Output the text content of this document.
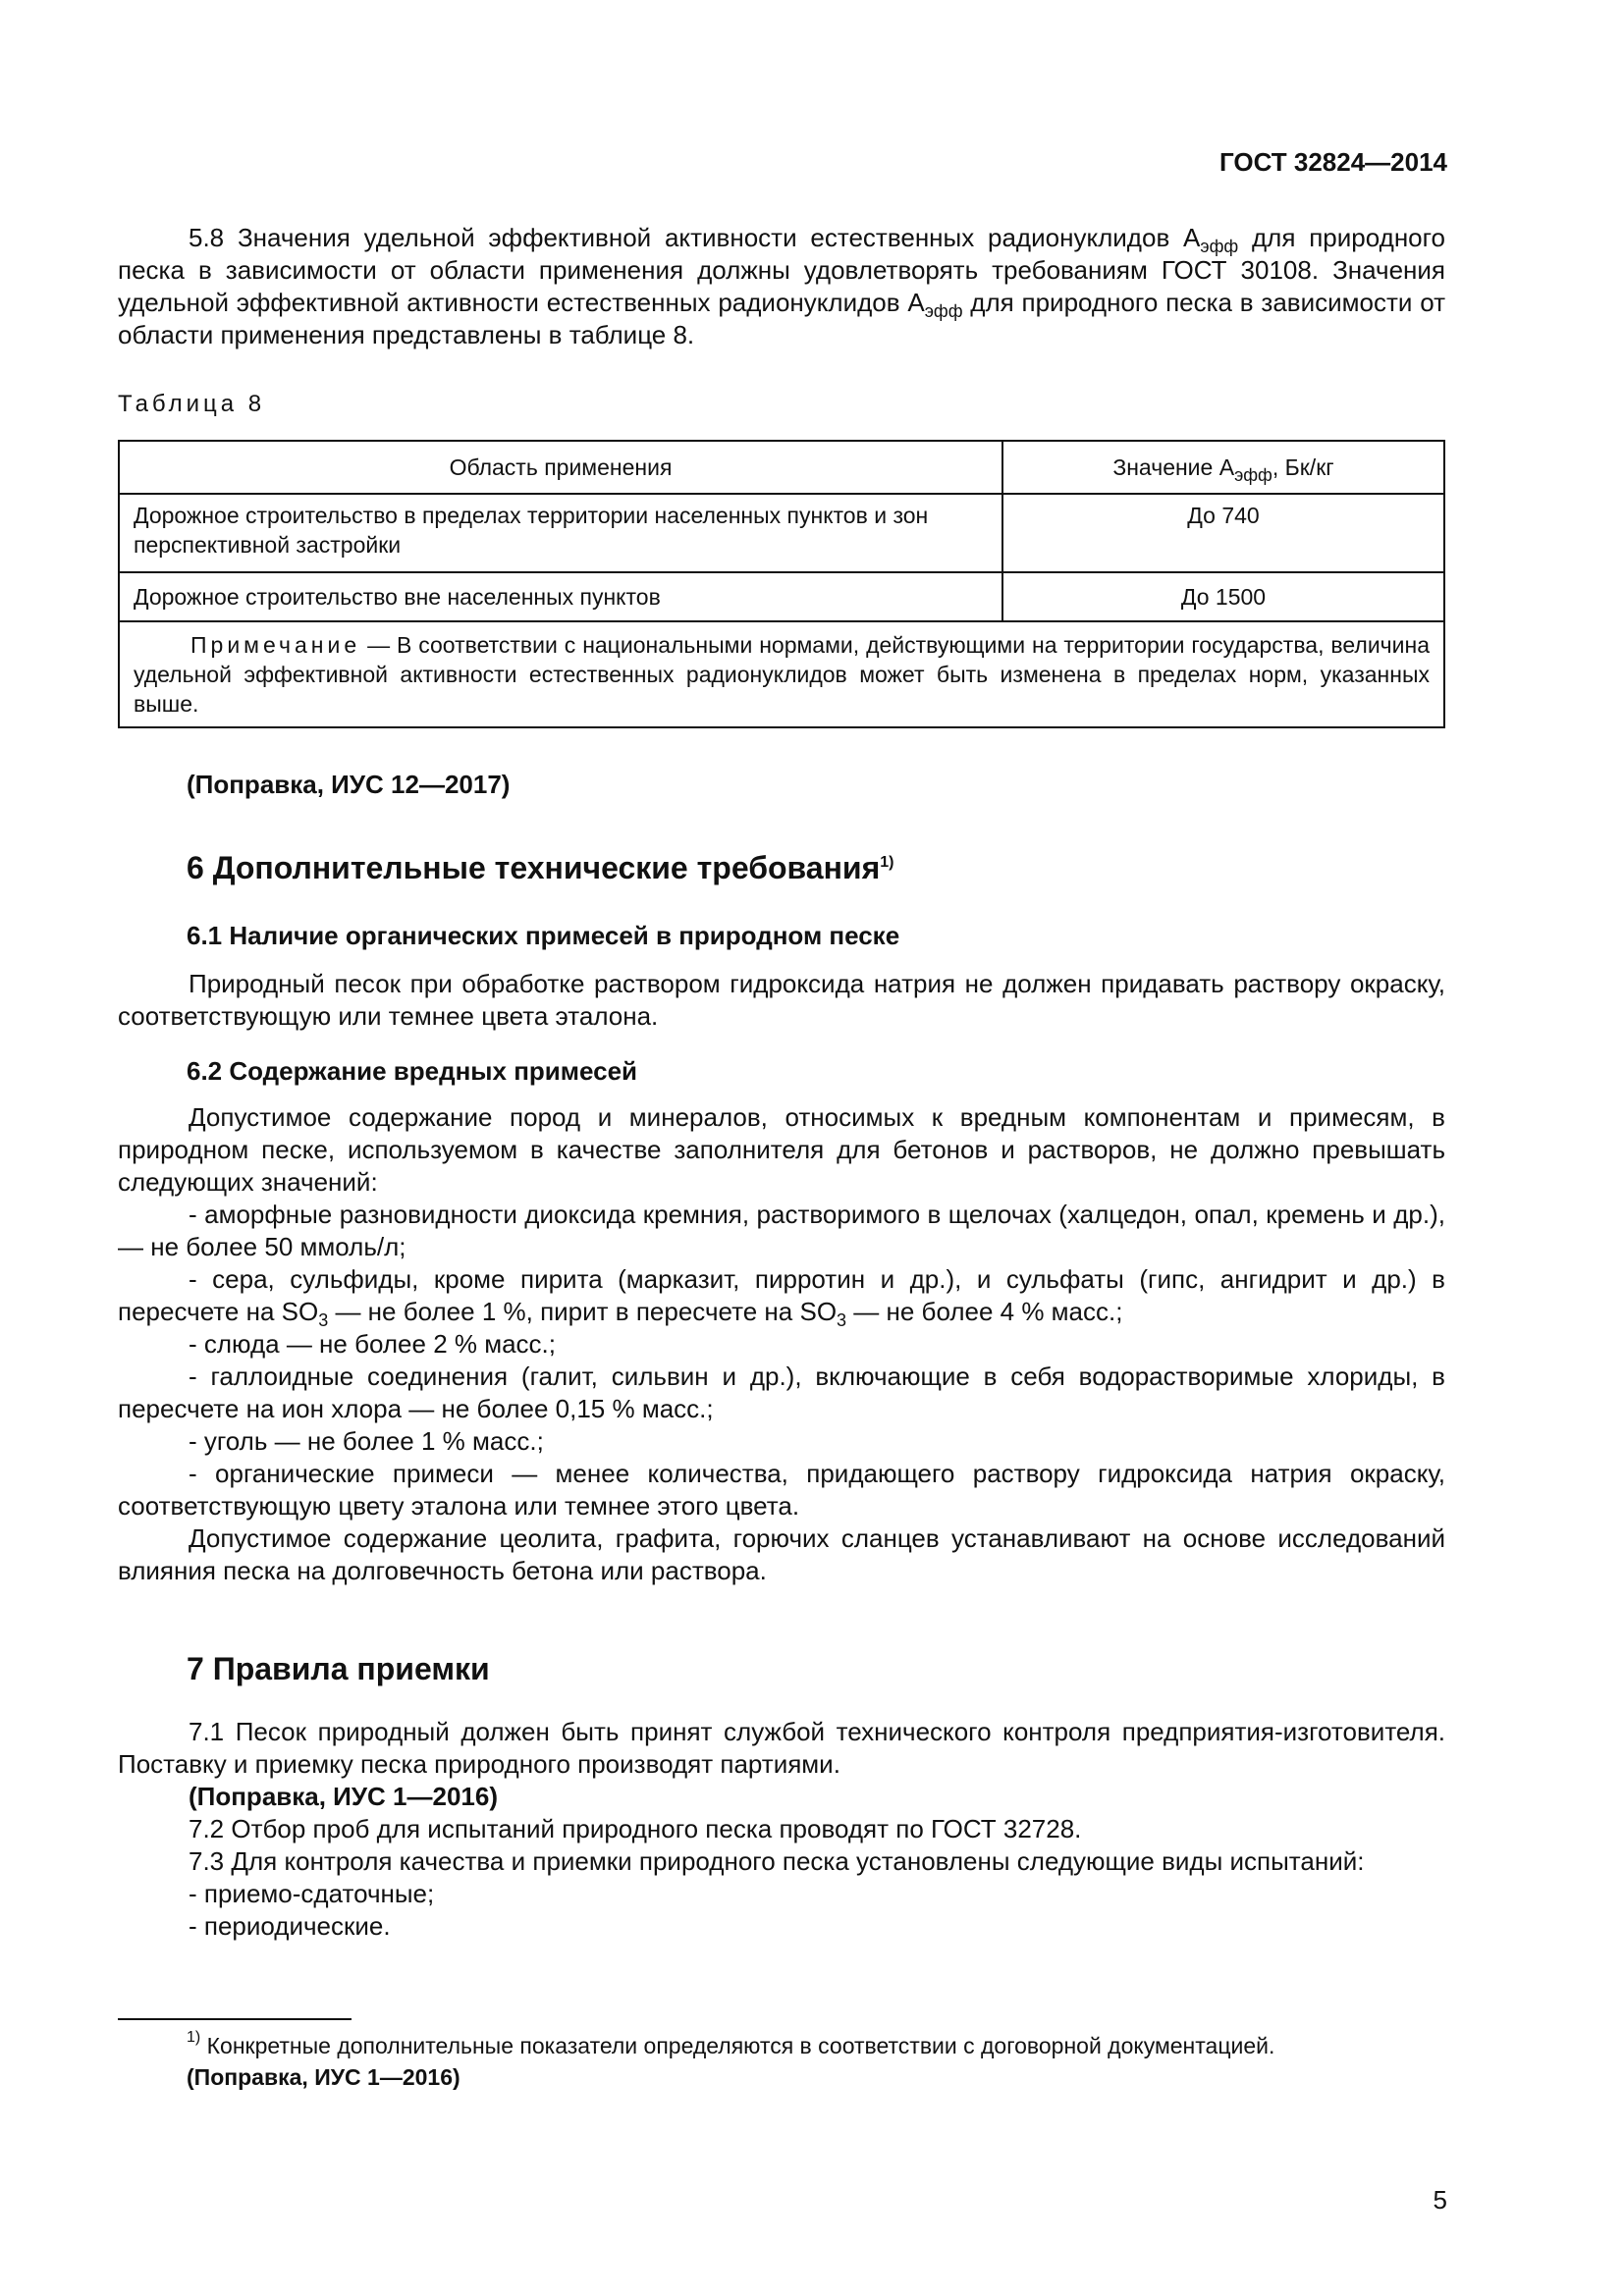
ГОСТ 32824—2014

5.8 Значения удельной эффективной активности естественных радионуклидов $А_{эфф}$ для природного песка в зависимости от области применения должны удовлетворять требованиям ГОСТ 30108. Значения удельной эффективной активности естественных радионуклидов $А_{эфф}$ для природного песка в зависимости от области применения представлены в таблице 8.

Таблица 8
Область применения	Значение $А_{эфф}$, Бк/кг
Дорожное строительство в пределах территории населенных пунктов и зон перспективной застройки	До 740
Дорожное строительство вне населенных пунктов	До 1500
Примечание — В соответствии с национальными нормами, действующими на территории государства, величина удельной эффективной активности естественных радионуклидов может быть изменена в пределах норм, указанных выше.	
(Поправка, ИУС 12—2017)
6 Дополнительные технические требования$^{1)}$
6.1 Наличие органических примесей в природном песке

Природный песок при обработке раствором гидроксида натрия не должен придавать раствору окраску, соответствующую или темнее цвета эталона.

6.2 Содержание вредных примесей

Допустимое содержание пород и минералов, относимых к вредным компонентам и примесям, в природном песке, используемом в качестве заполнителя для бетонов и растворов, не должно превышать следующих значений:

- аморфные разновидности диоксида кремния, растворимого в щелочах (халцедон, опал, кремень и др.), — не более 50 ммоль/л;

- сера, сульфиды, кроме пирита (марказит, пирротин и др.), и сульфаты (гипс, ангидрит и др.) в пересчете на $SO_3$ — не более 1 %, пирит в пересчете на $SO_3$ — не более 4 % масс.;

- слюда — не более 2 % масс.;

- галлоидные соединения (галит, сильвин и др.), включающие в себя водорастворимые хлориды, в пересчете на ион хлора — не более 0,15 % масс.;

- уголь — не более 1 % масс.;

- органические примеси — менее количества, придающего раствору гидроксида натрия окраску, соответствующую цвету эталона или темнее этого цвета.

Допустимое содержание цеолита, графита, горючих сланцев устанавливают на основе исследований влияния песка на долговечность бетона или раствора.

7 Правила приемки

7.1 Песок природный должен быть принят службой технического контроля предприятия-изготовителя. Поставку и приемку песка природного производят партиями.

(Поправка, ИУС 1—2016)

7.2 Отбор проб для испытаний природного песка проводят по ГОСТ 32728.

7.3 Для контроля качества и приемки природного песка установлены следующие виды испытаний:

- приемо-сдаточные;

- периодические.

$^{1)}$ Конкретные дополнительные показатели определяются в соответствии с договорной документацией.
(Поправка, ИУС 1—2016)
5
